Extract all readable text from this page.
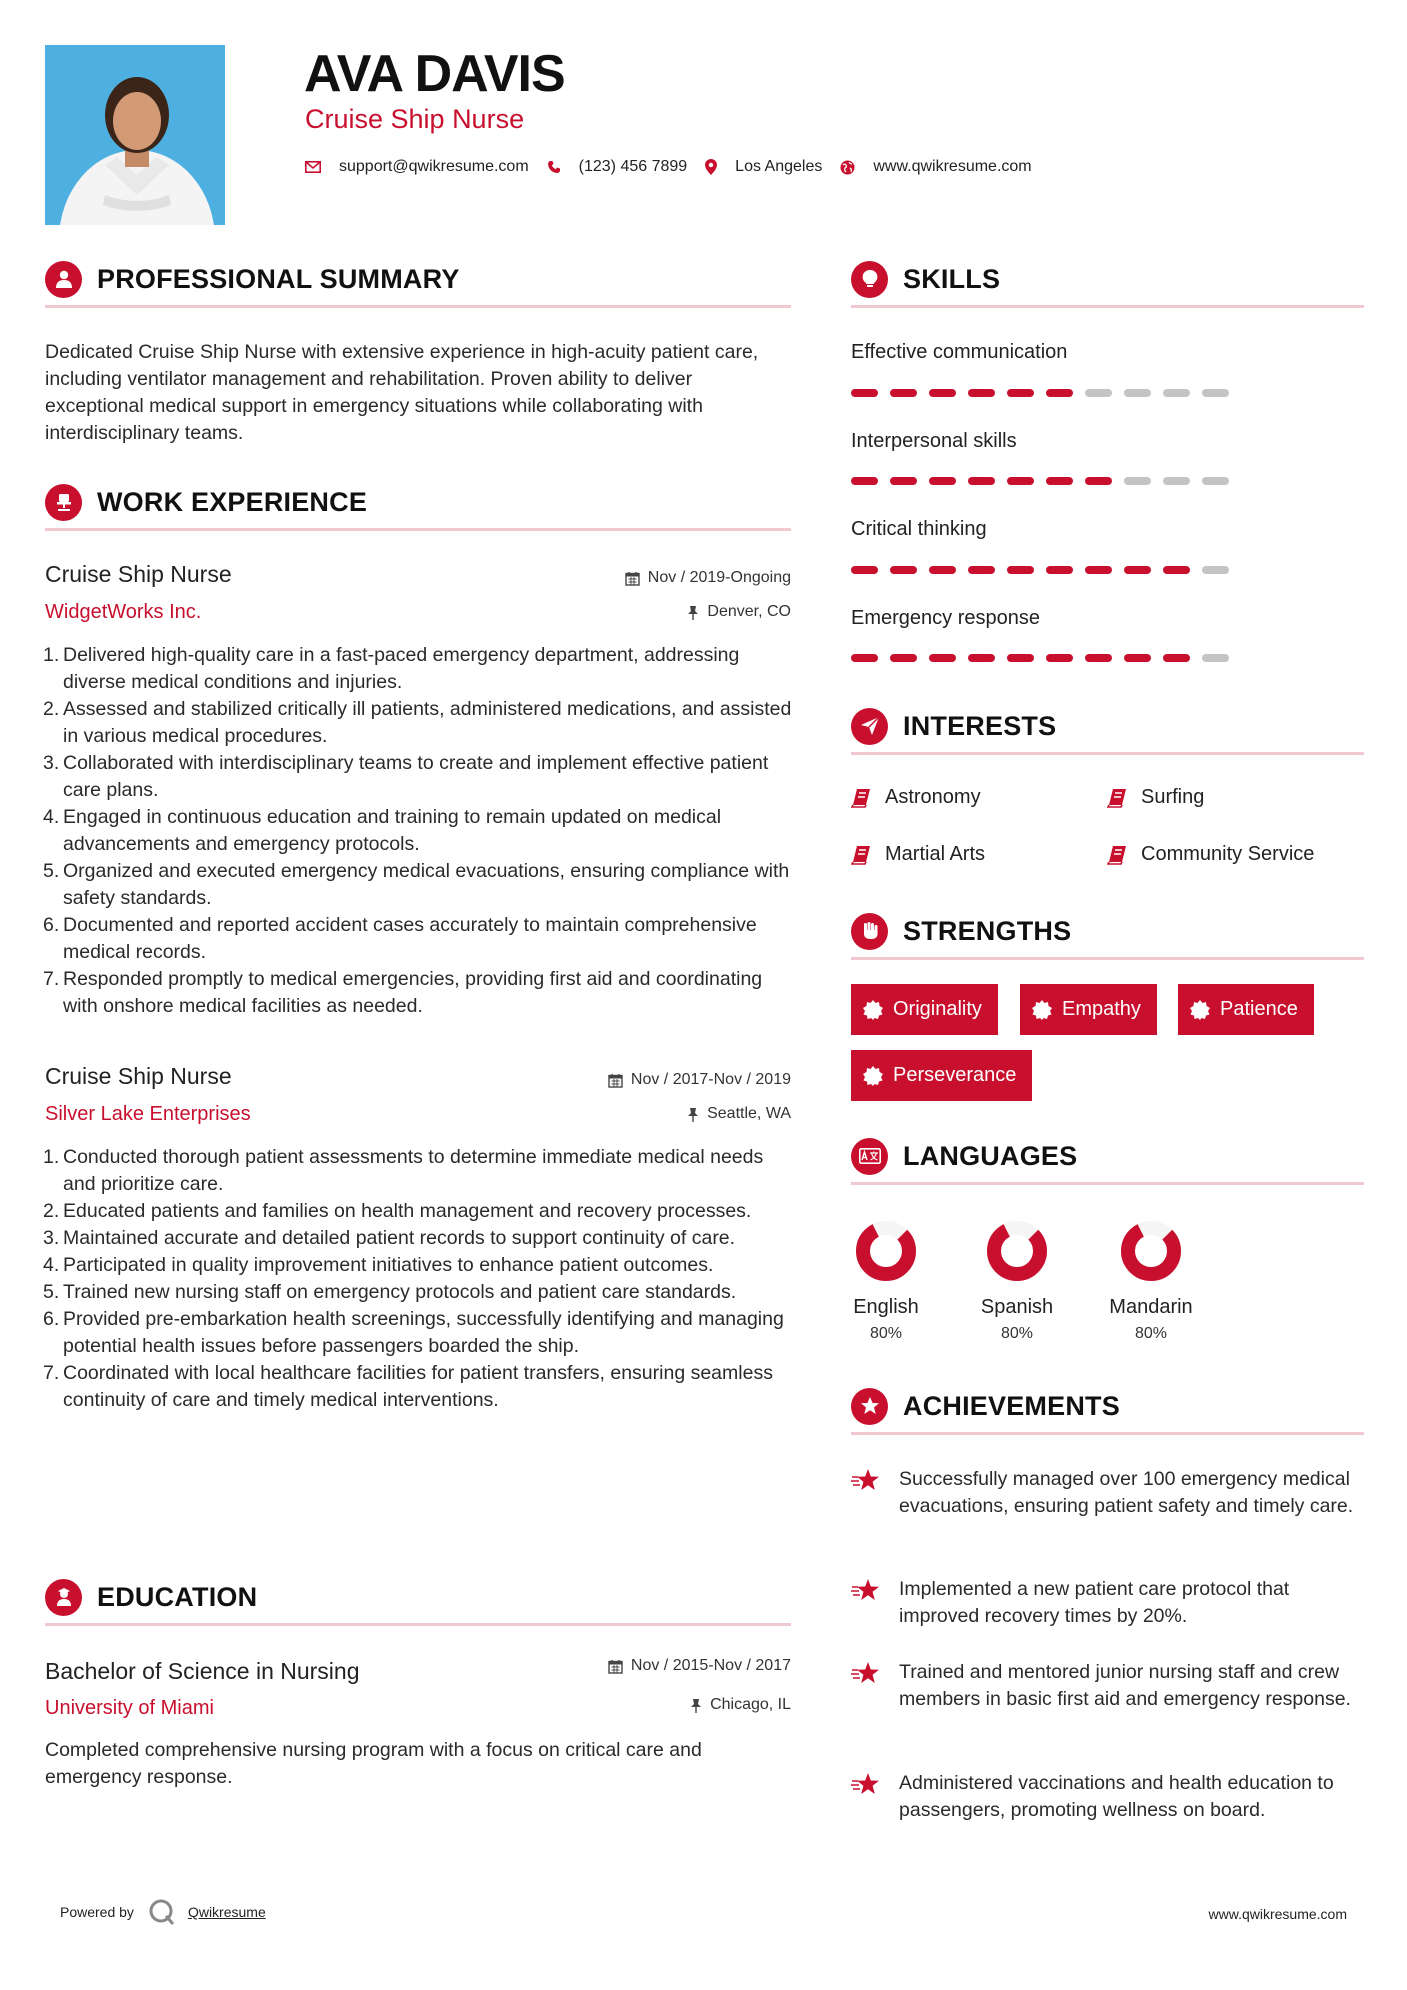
AVA DAVIS
Cruise Ship Nurse
support@qwikresume.com	(123) 456 7899	Los Angeles	www.qwikresume.com
PROFESSIONAL SUMMARY
Dedicated Cruise Ship Nurse with extensive experience in high-acuity patient care, including ventilator management and rehabilitation. Proven ability to deliver exceptional medical support in emergency situations while collaborating with interdisciplinary teams.
WORK EXPERIENCE
Cruise Ship Nurse	Nov / 2019-Ongoing
WidgetWorks Inc.	Denver, CO
1. Delivered high-quality care in a fast-paced emergency department, addressing diverse medical conditions and injuries.
2. Assessed and stabilized critically ill patients, administered medications, and assisted in various medical procedures.
3. Collaborated with interdisciplinary teams to create and implement effective patient care plans.
4. Engaged in continuous education and training to remain updated on medical advancements and emergency protocols.
5. Organized and executed emergency medical evacuations, ensuring compliance with safety standards.
6. Documented and reported accident cases accurately to maintain comprehensive medical records.
7. Responded promptly to medical emergencies, providing first aid and coordinating with onshore medical facilities as needed.
Cruise Ship Nurse	Nov / 2017-Nov / 2019
Silver Lake Enterprises	Seattle, WA
1. Conducted thorough patient assessments to determine immediate medical needs and prioritize care.
2. Educated patients and families on health management and recovery processes.
3. Maintained accurate and detailed patient records to support continuity of care.
4. Participated in quality improvement initiatives to enhance patient outcomes.
5. Trained new nursing staff on emergency protocols and patient care standards.
6. Provided pre-embarkation health screenings, successfully identifying and managing potential health issues before passengers boarded the ship.
7. Coordinated with local healthcare facilities for patient transfers, ensuring seamless continuity of care and timely medical interventions.
EDUCATION
Bachelor of Science in Nursing	Nov / 2015-Nov / 2017
University of Miami	Chicago, IL
Completed comprehensive nursing program with a focus on critical care and emergency response.
SKILLS
Effective communication
Interpersonal skills
Critical thinking
Emergency response
INTERESTS
Astronomy	Surfing
Martial Arts	Community Service
STRENGTHS
Originality	Empathy	Patience
Perseverance
LANGUAGES
English
80%
Spanish
80%
Mandarin
80%
ACHIEVEMENTS
Successfully managed over 100 emergency medical evacuations, ensuring patient safety and timely care.
Implemented a new patient care protocol that improved recovery times by 20%.
Trained and mentored junior nursing staff and crew members in basic first aid and emergency response.
Administered vaccinations and health education to passengers, promoting wellness on board.
Powered by	Qwikresume	www.qwikresume.com
